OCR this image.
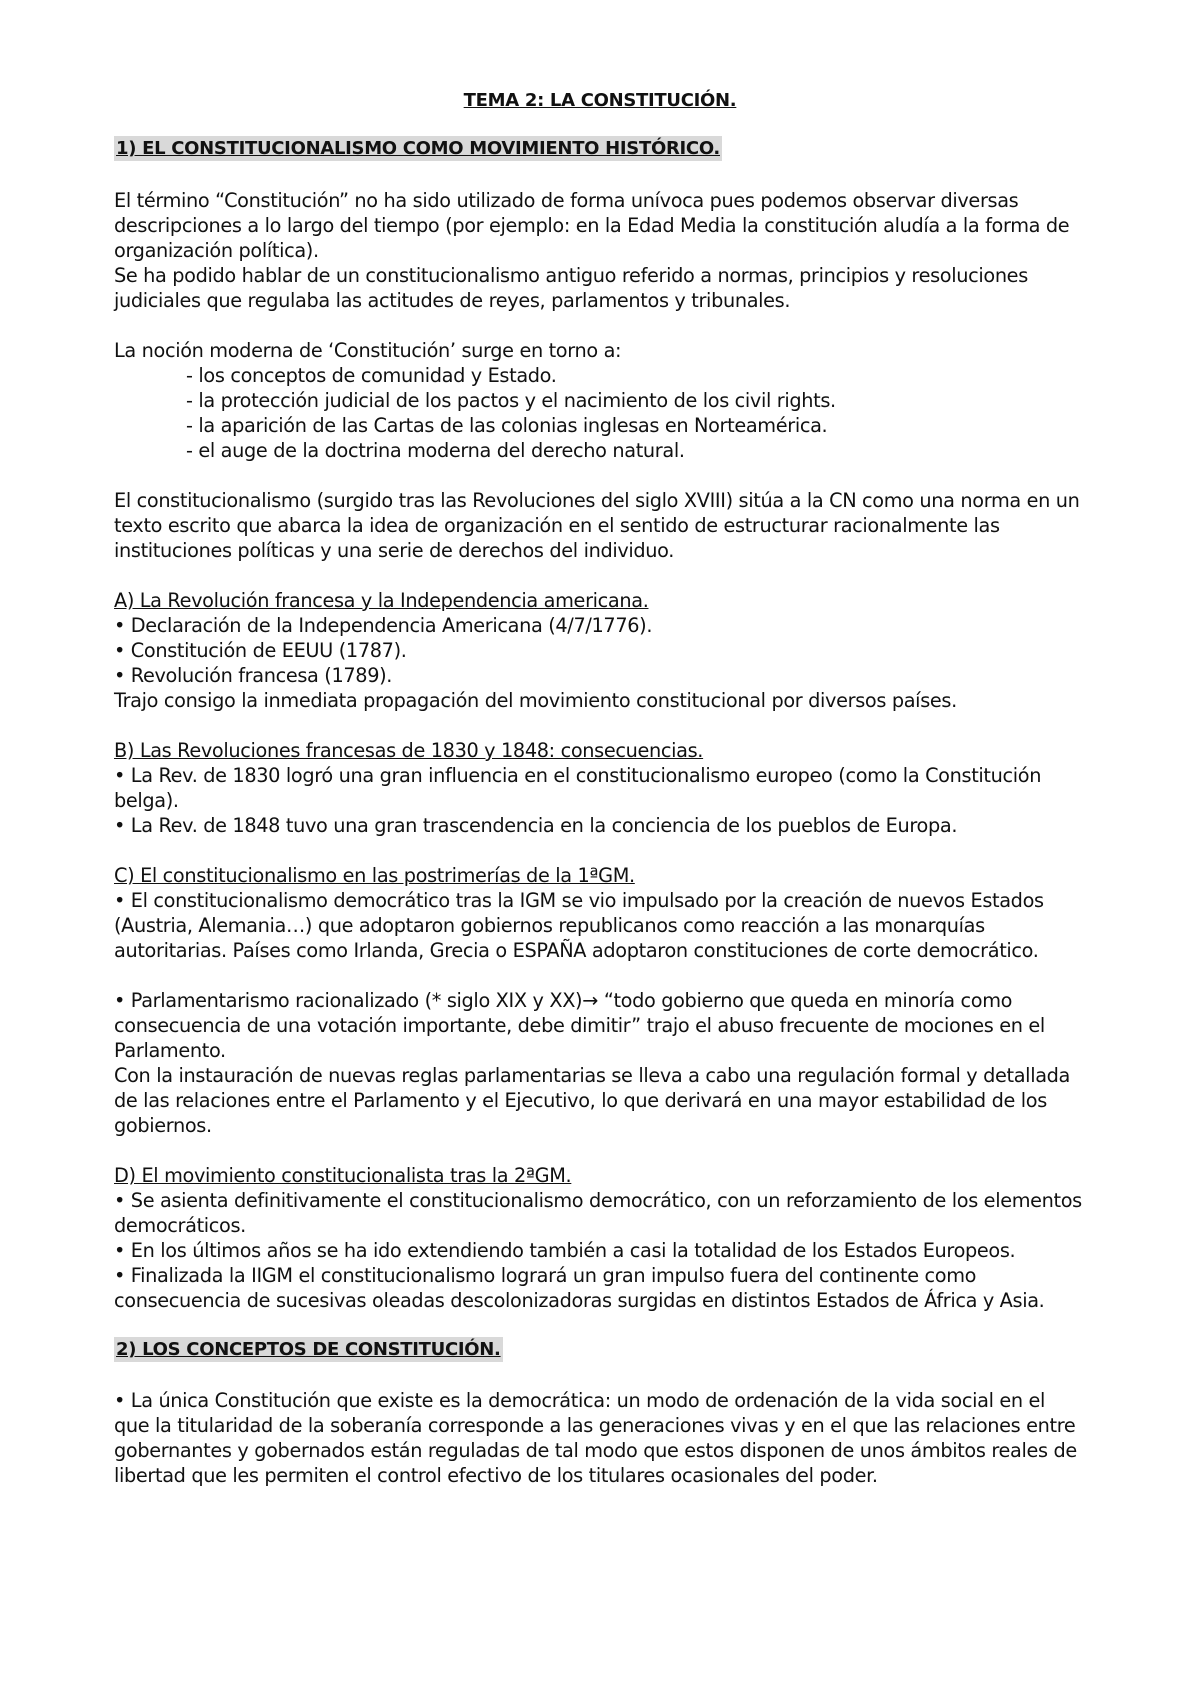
TEMA 2: LA CONSTITUCIÓN.
1) EL CONSTITUCIONALISMO COMO MOVIMIENTO HISTÓRICO.
El término “Constitución” no ha sido utilizado de forma unívoca pues podemos observar diversas
descripciones a lo largo del tiempo (por ejemplo: en la Edad Media la constitución aludía a la forma de
organización política).
Se ha podido hablar de un constitucionalismo antiguo referido a normas, principios y resoluciones
judiciales que regulaba las actitudes de reyes, parlamentos y tribunales.
La noción moderna de ‘Constitución’ surge en torno a:
- los conceptos de comunidad y Estado.
- la protección judicial de los pactos y el nacimiento de los civil rights.
- la aparición de las Cartas de las colonias inglesas en Norteamérica.
- el auge de la doctrina moderna del derecho natural.
El constitucionalismo (surgido tras las Revoluciones del siglo XVIII) sitúa a la CN como una norma en un
texto escrito que abarca la idea de organización en el sentido de estructurar racionalmente las
instituciones políticas y una serie de derechos del individuo.
A) La Revolución francesa y la Independencia americana.
• Declaración de la Independencia Americana (4/7/1776).
• Constitución de EEUU (1787).
• Revolución francesa (1789).
Trajo consigo la inmediata propagación del movimiento constitucional por diversos países.
B) Las Revoluciones francesas de 1830 y 1848: consecuencias.
• La Rev. de 1830 logró una gran influencia en el constitucionalismo europeo (como la Constitución
belga).
• La Rev. de 1848 tuvo una gran trascendencia en la conciencia de los pueblos de Europa.
C) El constitucionalismo en las postrimerías de la 1ªGM.
• El constitucionalismo democrático tras la IGM se vio impulsado por la creación de nuevos Estados
(Austria, Alemania…) que adoptaron gobiernos republicanos como reacción a las monarquías
autoritarias. Países como Irlanda, Grecia o ESPAÑA adoptaron constituciones de corte democrático.
• Parlamentarismo racionalizado (* siglo XIX y XX)→ “todo gobierno que queda en minoría como
consecuencia de una votación importante, debe dimitir” trajo el abuso frecuente de mociones en el
Parlamento.
Con la instauración de nuevas reglas parlamentarias se lleva a cabo una regulación formal y detallada
de las relaciones entre el Parlamento y el Ejecutivo, lo que derivará en una mayor estabilidad de los
gobiernos.
D) El movimiento constitucionalista tras la 2ªGM.
• Se asienta definitivamente el constitucionalismo democrático, con un reforzamiento de los elementos
democráticos.
• En los últimos años se ha ido extendiendo también a casi la totalidad de los Estados Europeos.
• Finalizada la IIGM el constitucionalismo logrará un gran impulso fuera del continente como
consecuencia de sucesivas oleadas descolonizadoras surgidas en distintos Estados de África y Asia.
2) LOS CONCEPTOS DE CONSTITUCIÓN.
• La única Constitución que existe es la democrática: un modo de ordenación de la vida social en el
que la titularidad de la soberanía corresponde a las generaciones vivas y en el que las relaciones entre
gobernantes y gobernados están reguladas de tal modo que estos disponen de unos ámbitos reales de
libertad que les permiten el control efectivo de los titulares ocasionales del poder.
